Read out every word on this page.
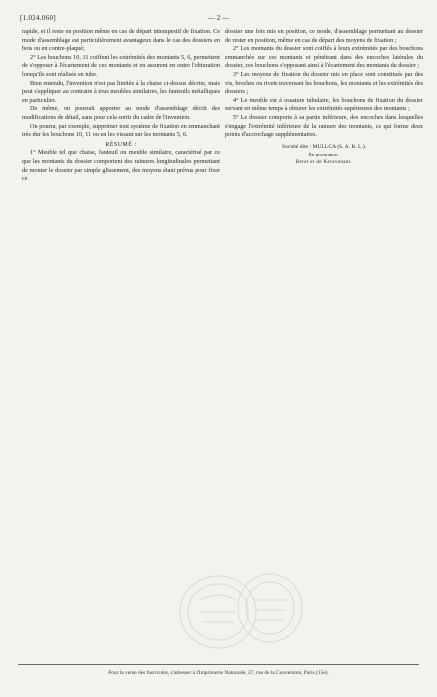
[1.024.060]	— 2 —

rapide, et il reste en position même en cas de départ intempestif de fixation. Ce mode d'assemblage est particulièrement avantageux dans le cas des dossiers en bois ou en contre-plaqué;

2° Les bouchons 10, 11 coiffent les extrémités des montants 5, 6, permettent de s'opposer à l'écartement de ces montants et en assurent en outre l'obturation lorsqu'ils sont réalisés en tube.

Bien entendu, l'invention n'est pas limitée à la chaise ci-dessus décrite, mais peut s'appliquer au contraire à tous meubles similaires, les fauteuils métalliques en particulier.

De même, on pourrait apporter au mode d'assemblage décrit des modifications de détail, sans pour cela sortir du cadre de l'invention.

On pourra, par exemple, supprimer tout système de fixation en emmanchant très dur les bouchons 10, 11 ou en les vissant sur les montants 5, 6.

RÉSUMÉ :

1° Meuble tel que chaise, fauteuil ou meuble similaire, caractérisé par ce que les montants du dossier comportent des rainures longitudinales permettant de monter le dossier par simple glissement, des moyens étant prévus pour fixer ce

dossier une fois mis en position, ce mode, d'assemblage permettant au dossier de rester en position, même en cas de départ des moyens de fixation ;

2° Les montants du dossier sont coiffés à leurs extrémités par des bouchons emmanchés sur ces montants et pénétrant dans des encoches latérales du dossier, ces bouchons s'opposant ainsi à l'écartement des montants du dossier ;

3° Les moyens de fixation du dossier mis en place sont constitués par des vis, broches ou rivets traversant les bouchons, les montants et les extrémités des dossiers ;

4° Le meuble est à ossature tubulaire, les bouchons de fixation du dossier servant en même temps à obturer les extrémités supérieures des montants ;

5° Le dossier comporte à sa partie inférieure, des encoches dans lesquelles s'engage l'extrémité inférieure de la rainure des montants, ce qui forme deux points d'accrochage supplémentaires.

Société dite : MULLCA (S. A. R. L.).
Par procuration :
Beret et de Keravenant.
Pour la vente des fascicules, s'adresser à l'Imprimerie Nationale, 27, rue de la Convention, Paris (15e).
